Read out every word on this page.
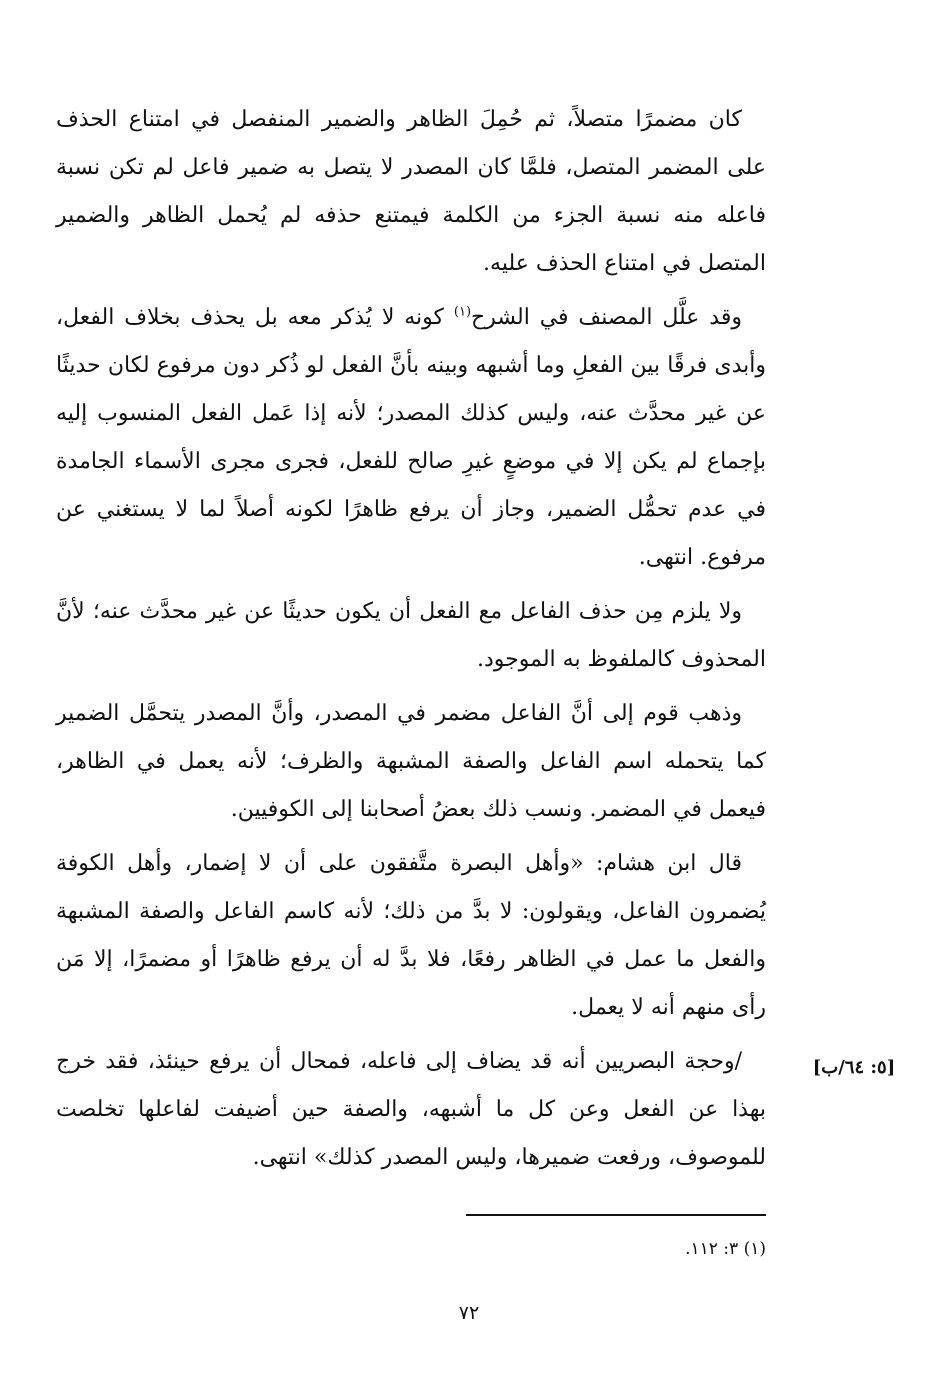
كان مضمرًا متصلاً، ثم حُمِلَ الظاهر والضمير المنفصل في امتناع الحذف على المضمر المتصل، فلمَّا كان المصدر لا يتصل به ضمير فاعل لم تكن نسبة فاعله منه نسبة الجزء من الكلمة فيمتنع حذفه لم يُحمل الظاهر والضمير المتصل في امتناع الحذف عليه.

وقد علَّل المصنف في الشرح$^{(١)}$ كونه لا يُذكر معه بل يحذف بخلاف الفعل، وأبدى فرقًا بين الفعلِ وما أشبهه وبينه بأنَّ الفعل لو ذُكر دون مرفوع لكان حديثًا عن غير محدَّث عنه، وليس كذلك المصدر؛ لأنه إذا عَمل الفعل المنسوب إليه بإجماع لم يكن إلا في موضعٍ غيرِ صالح للفعل، فجرى مجرى الأسماء الجامدة في عدم تحمُّل الضمير، وجاز أن يرفع ظاهرًا لكونه أصلاً لما لا يستغني عن مرفوع. انتهى.

ولا يلزم مِن حذف الفاعل مع الفعل أن يكون حديثًا عن غير محدَّث عنه؛ لأنَّ المحذوف كالملفوظ به الموجود.

وذهب قوم إلى أنَّ الفاعل مضمر في المصدر، وأنَّ المصدر يتحمَّل الضمير كما يتحمله اسم الفاعل والصفة المشبهة والظرف؛ لأنه يعمل في الظاهر، فيعمل في المضمر. ونسب ذلك بعضُ أصحابنا إلى الكوفيين.

قال ابن هشام: «وأهل البصرة متَّفقون على أن لا إضمار، وأهل الكوفة يُضمرون الفاعل، ويقولون: لا بدَّ من ذلك؛ لأنه كاسم الفاعل والصفة المشبهة والفعل ما عمل في الظاهر رفعًا، فلا بدَّ له أن يرفع ظاهرًا أو مضمرًا، إلا مَن رأى منهم أنه لا يعمل.

/وحجة البصريين أنه قد يضاف إلى فاعله، فمحال أن يرفع حينئذ، فقد خرج بهذا عن الفعل وعن كل ما أشبهه، والصفة حين أضيفت لفاعلها تخلصت للموصوف، ورفعت ضميرها، وليس المصدر كذلك» انتهى.

[٥: ٦٤/ب]
(١) ٣: ١١٢.
٧٢
